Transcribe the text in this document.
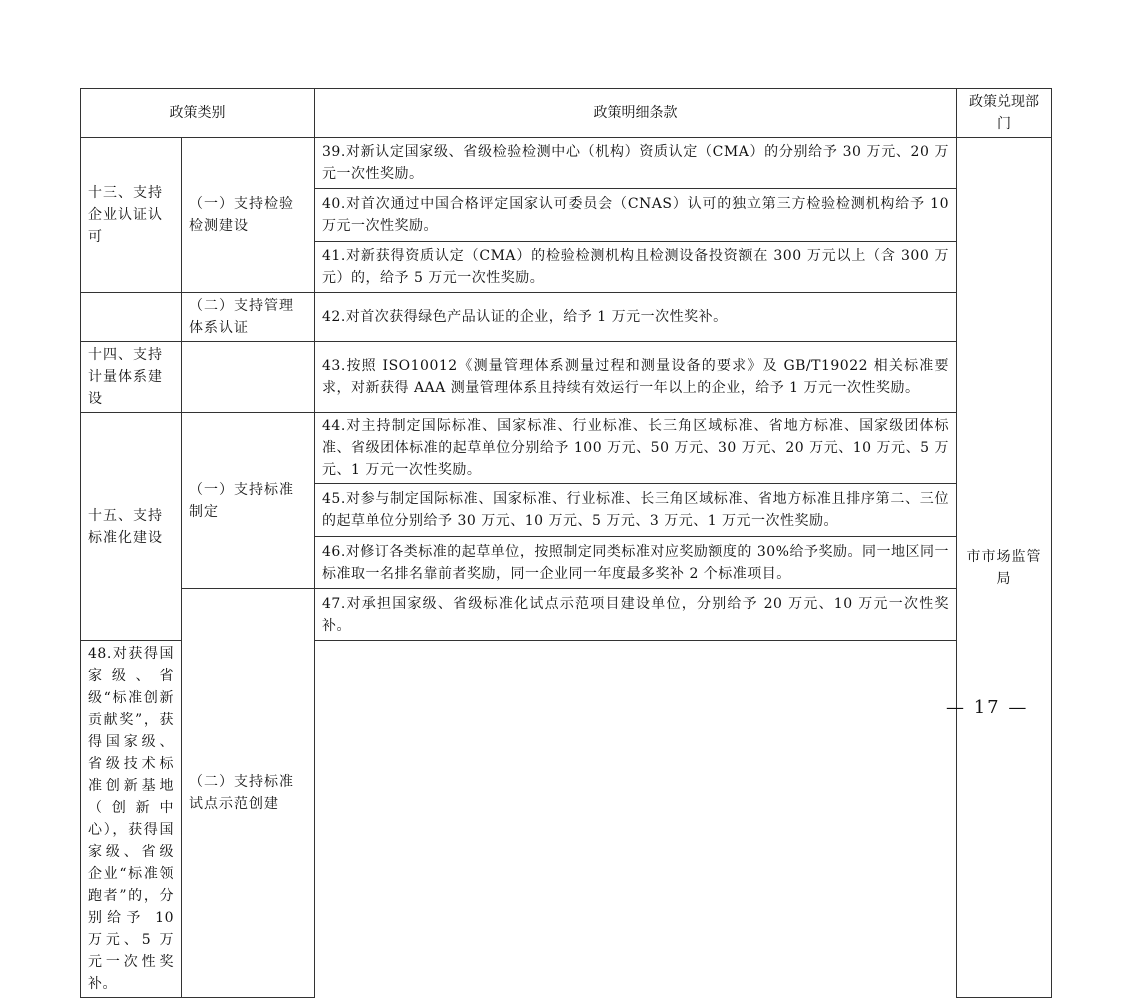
政策类别		政策明细条款	政策兑现部门
十三、支持企业认证认可	（一）支持检验检测建设	39.对新认定国家级、省级检验检测中心（机构）资质认定（CMA）的分别给予 30 万元、20 万元一次性奖励。	市市场监管局
		40.对首次通过中国合格评定国家认可委员会（CNAS）认可的独立第三方检验检测机构给予 10 万元一次性奖励。	
		41.对新获得资质认定（CMA）的检验检测机构且检测设备投资额在 300 万元以上（含 300 万元）的，给予 5 万元一次性奖励。	
	（二）支持管理体系认证	42.对首次获得绿色产品认证的企业，给予 1 万元一次性奖补。	
十四、支持计量体系建设		43.按照 ISO10012《测量管理体系测量过程和测量设备的要求》及 GB/T19022 相关标准要求，对新获得 AAA 测量管理体系且持续有效运行一年以上的企业，给予 1 万元一次性奖励。	
十五、支持标准化建设	（一）支持标准制定	44.对主持制定国际标准、国家标准、行业标准、长三角区域标准、省地方标准、国家级团体标准、省级团体标准的起草单位分别给予 100 万元、50 万元、30 万元、20 万元、10 万元、5 万元、1 万元一次性奖励。	
		45.对参与制定国际标准、国家标准、行业标准、长三角区域标准、省地方标准且排序第二、三位的起草单位分别给予 30 万元、10 万元、5 万元、3 万元、1 万元一次性奖励。	
		46.对修订各类标准的起草单位，按照制定同类标准对应奖励额度的 30%给予奖励。同一地区同一标准取一名排名靠前者奖励，同一企业同一年度最多奖补 2 个标准项目。	
	（二）支持标准试点示范创建	47.对承担国家级、省级标准化试点示范项目建设单位，分别给予 20 万元、10 万元一次性奖补。	
48.对获得国家级、省级“标准创新贡献奖”，获得国家级、省级技术标准创新基地（创新中心），获得国家级、省级企业“标准领跑者”的，分别给予 10 万元、5 万元一次性奖补。			
— 17 —
